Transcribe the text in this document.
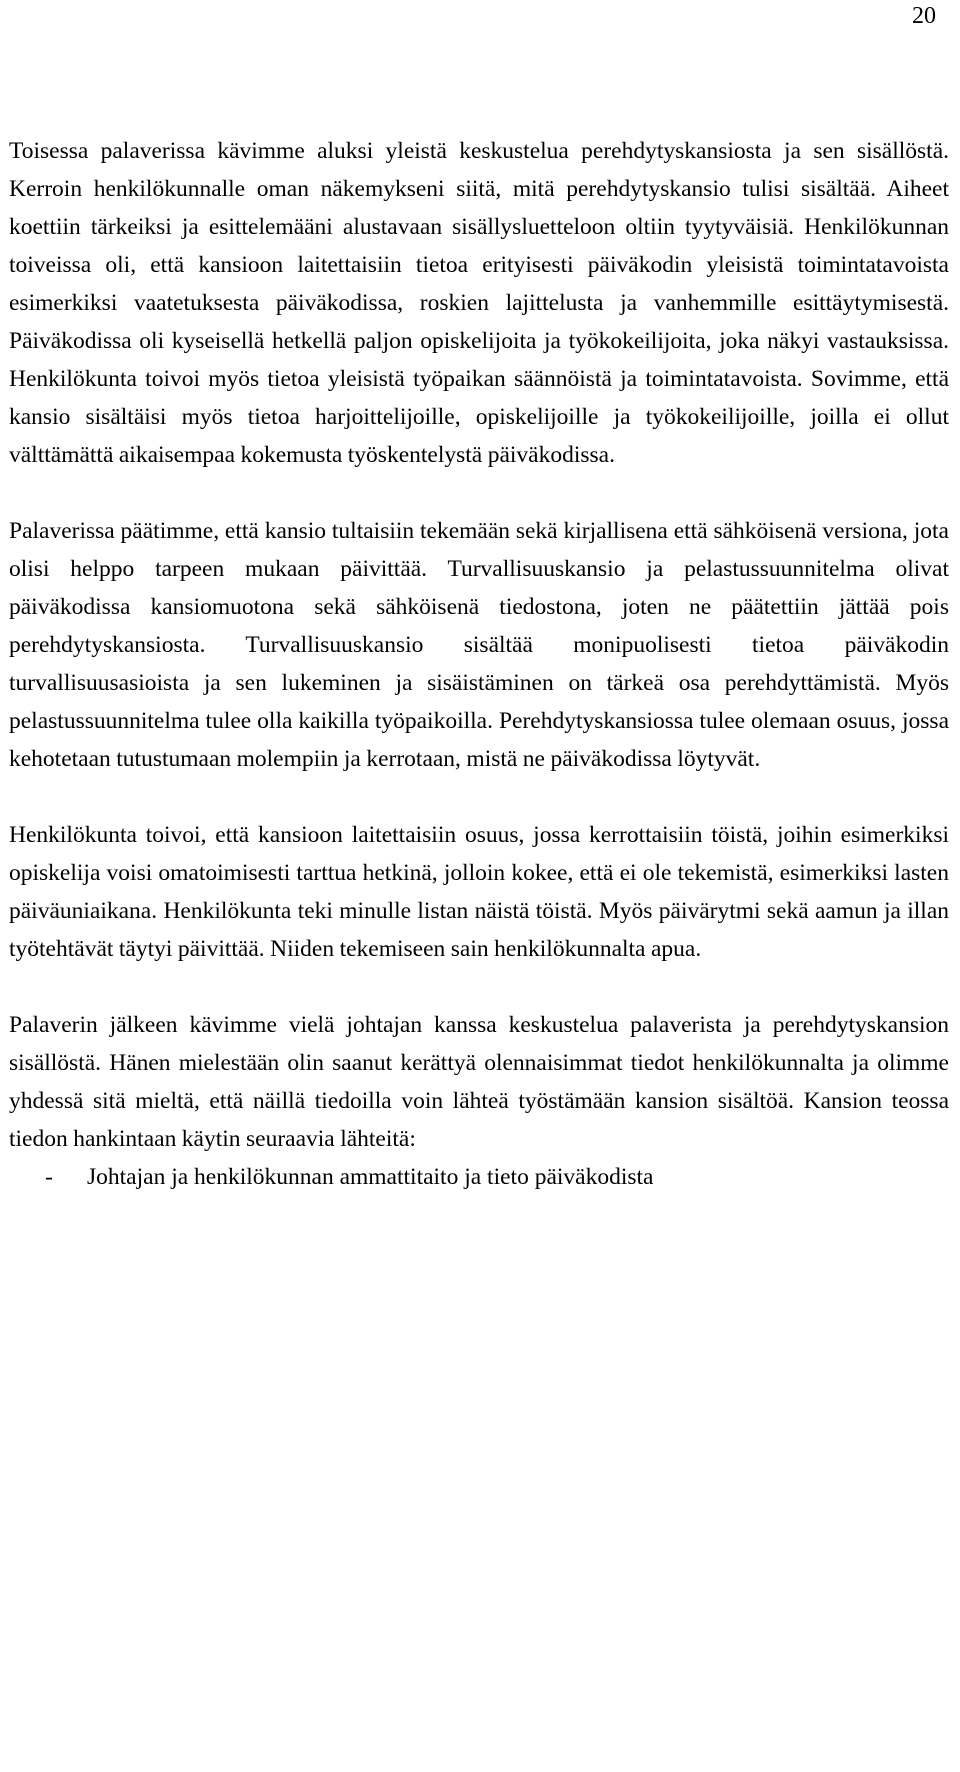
20

Toisessa palaverissa kävimme aluksi yleistä keskustelua perehdytyskansiosta ja sen sisällöstä. Kerroin henkilökunnalle oman näkemykseni siitä, mitä perehdytyskansio tulisi sisältää. Aiheet koettiin tärkeiksi ja esittelemääni alustavaan sisällysluetteloon oltiin tyytyväisiä. Henkilökunnan toiveissa oli, että kansioon laitettaisiin tietoa erityisesti päiväkodin yleisistä toimintatavoista esimerkiksi vaatetuksesta päiväkodissa, roskien lajittelusta ja vanhemmille esittäytymisestä. Päiväkodissa oli kyseisellä hetkellä paljon opiskelijoita ja työkokeilijoita, joka näkyi vastauksissa. Henkilökunta toivoi myös tietoa yleisistä työpaikan säännöistä ja toimintatavoista. Sovimme, että kansio sisältäisi myös tietoa harjoittelijoille, opiskelijoille ja työkokeilijoille, joilla ei ollut välttämättä aikaisempaa kokemusta työskentelystä päiväkodissa.

Palaverissa päätimme, että kansio tultaisiin tekemään sekä kirjallisena että sähköisenä versiona, jota olisi helppo tarpeen mukaan päivittää. Turvallisuuskansio ja pelastussuunnitelma olivat päiväkodissa kansiomuotona sekä sähköisenä tiedostona, joten ne päätettiin jättää pois perehdytyskansiosta. Turvallisuuskansio sisältää monipuolisesti tietoa päiväkodin turvallisuusasioista ja sen lukeminen ja sisäistäminen on tärkeä osa perehdyttämistä. Myös pelastussuunnitelma tulee olla kaikilla työpaikoilla. Perehdytyskansiossa tulee olemaan osuus, jossa kehotetaan tutustumaan molempiin ja kerrotaan, mistä ne päiväkodissa löytyvät.

Henkilökunta toivoi, että kansioon laitettaisiin osuus, jossa kerrottaisiin töistä, joihin esimerkiksi opiskelija voisi omatoimisesti tarttua hetkinä, jolloin kokee, että ei ole tekemistä, esimerkiksi lasten päiväuniaikana. Henkilökunta teki minulle listan näistä töistä. Myös päivärytmi sekä aamun ja illan työtehtävät täytyi päivittää. Niiden tekemiseen sain henkilökunnalta apua.

Palaverin jälkeen kävimme vielä johtajan kanssa keskustelua palaverista ja perehdytyskansion sisällöstä. Hänen mielestään olin saanut kerättyä olennaisimmat tiedot henkilökunnalta ja olimme yhdessä sitä mieltä, että näillä tiedoilla voin lähteä työstämään kansion sisältöä. Kansion teossa tiedon hankintaan käytin seuraavia lähteitä:

-	Johtajan ja henkilökunnan ammattitaito ja tieto päiväkodista
